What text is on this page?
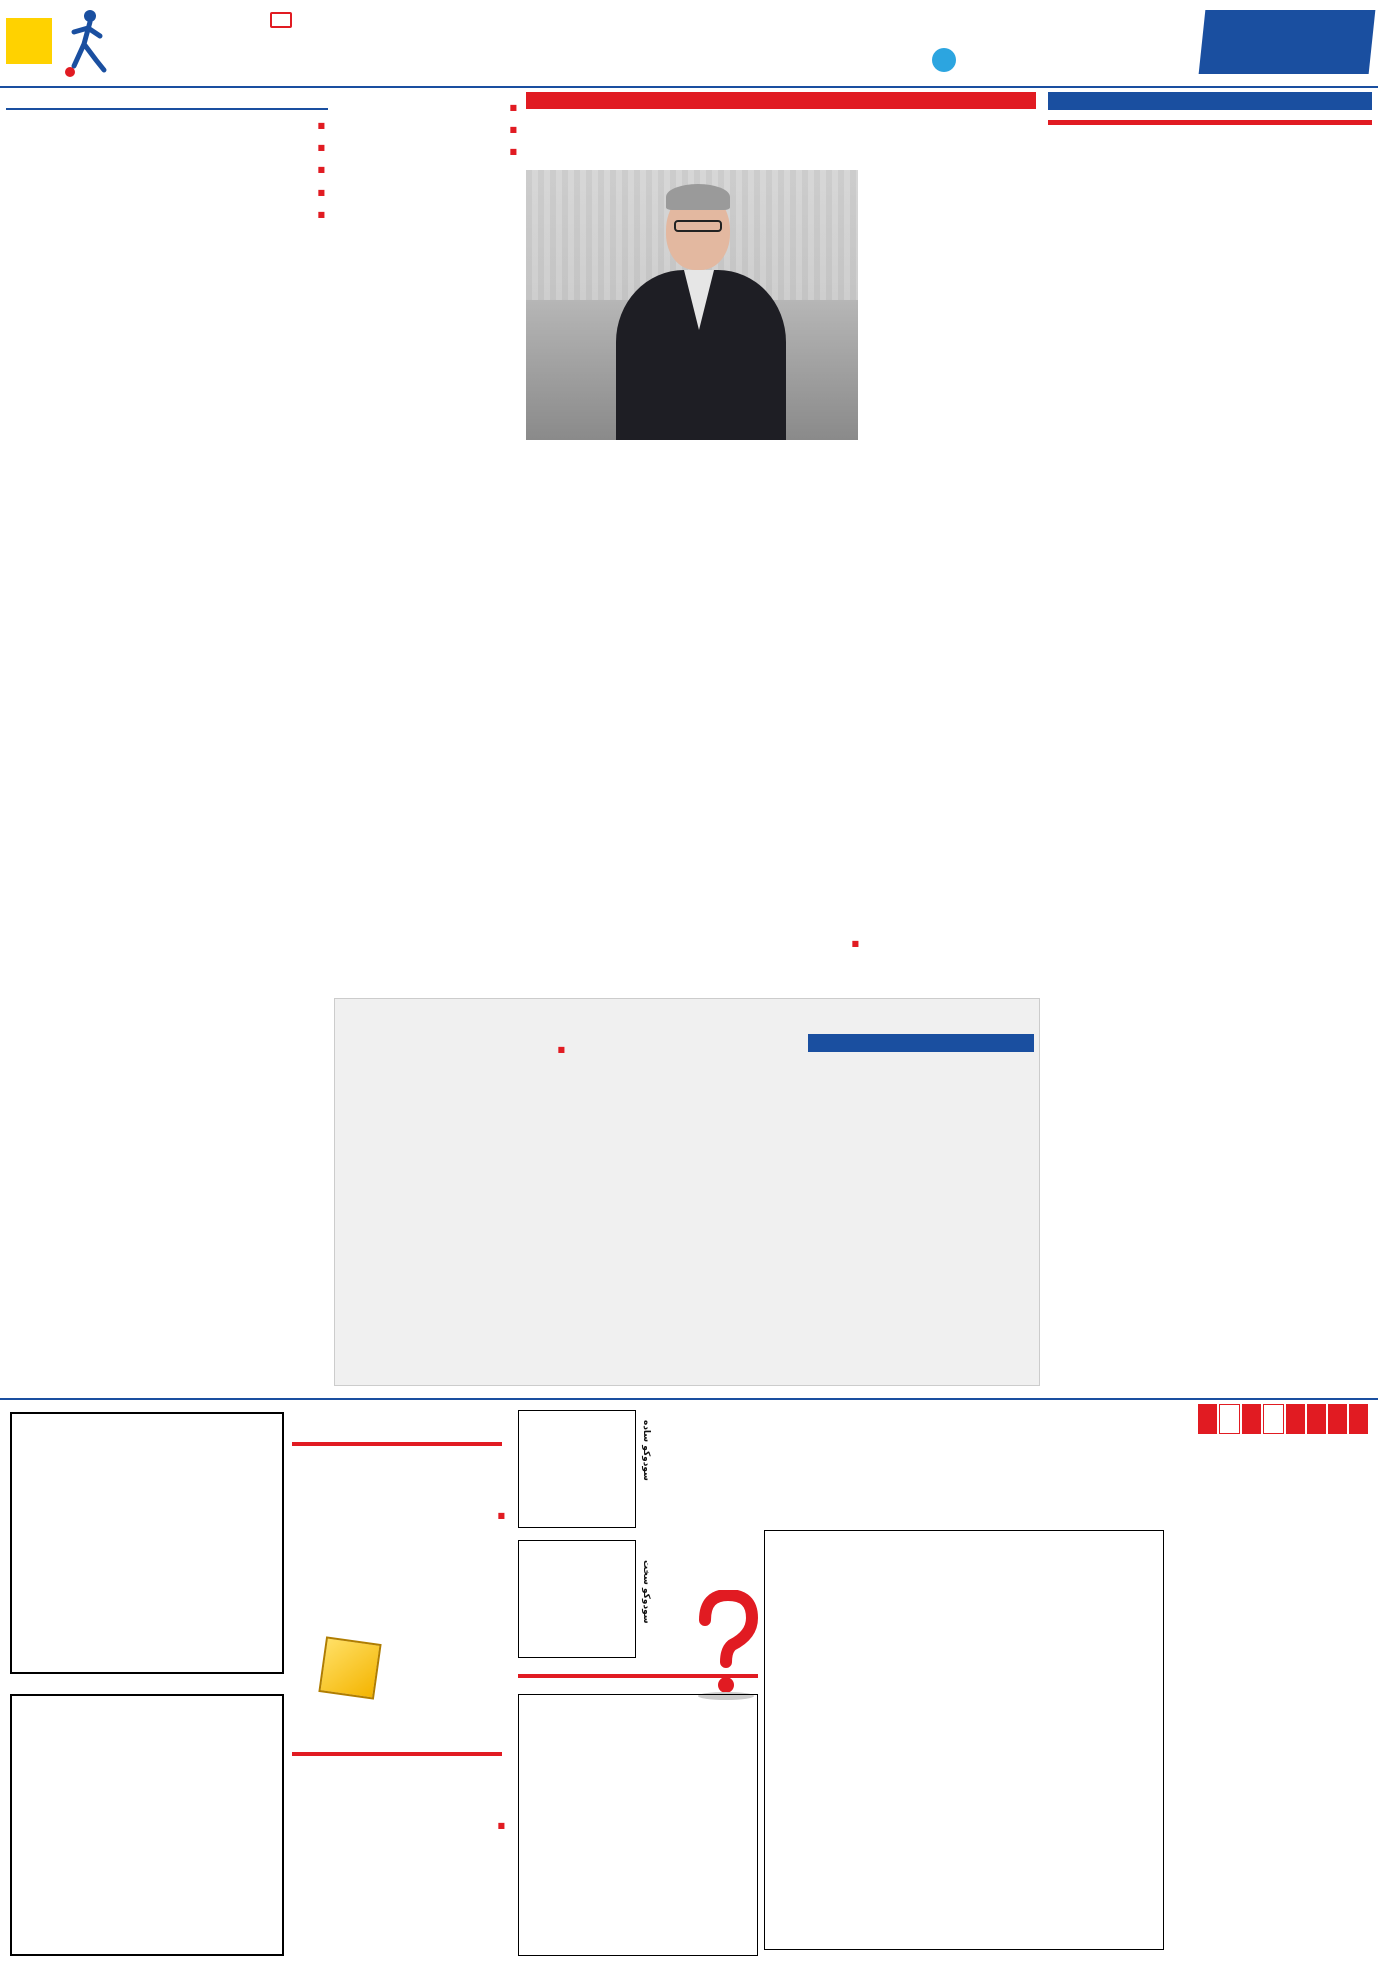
■
■
■
■
■
■
■
■
■
■
سودوکو ساده
سودوکو سخت
■
■
